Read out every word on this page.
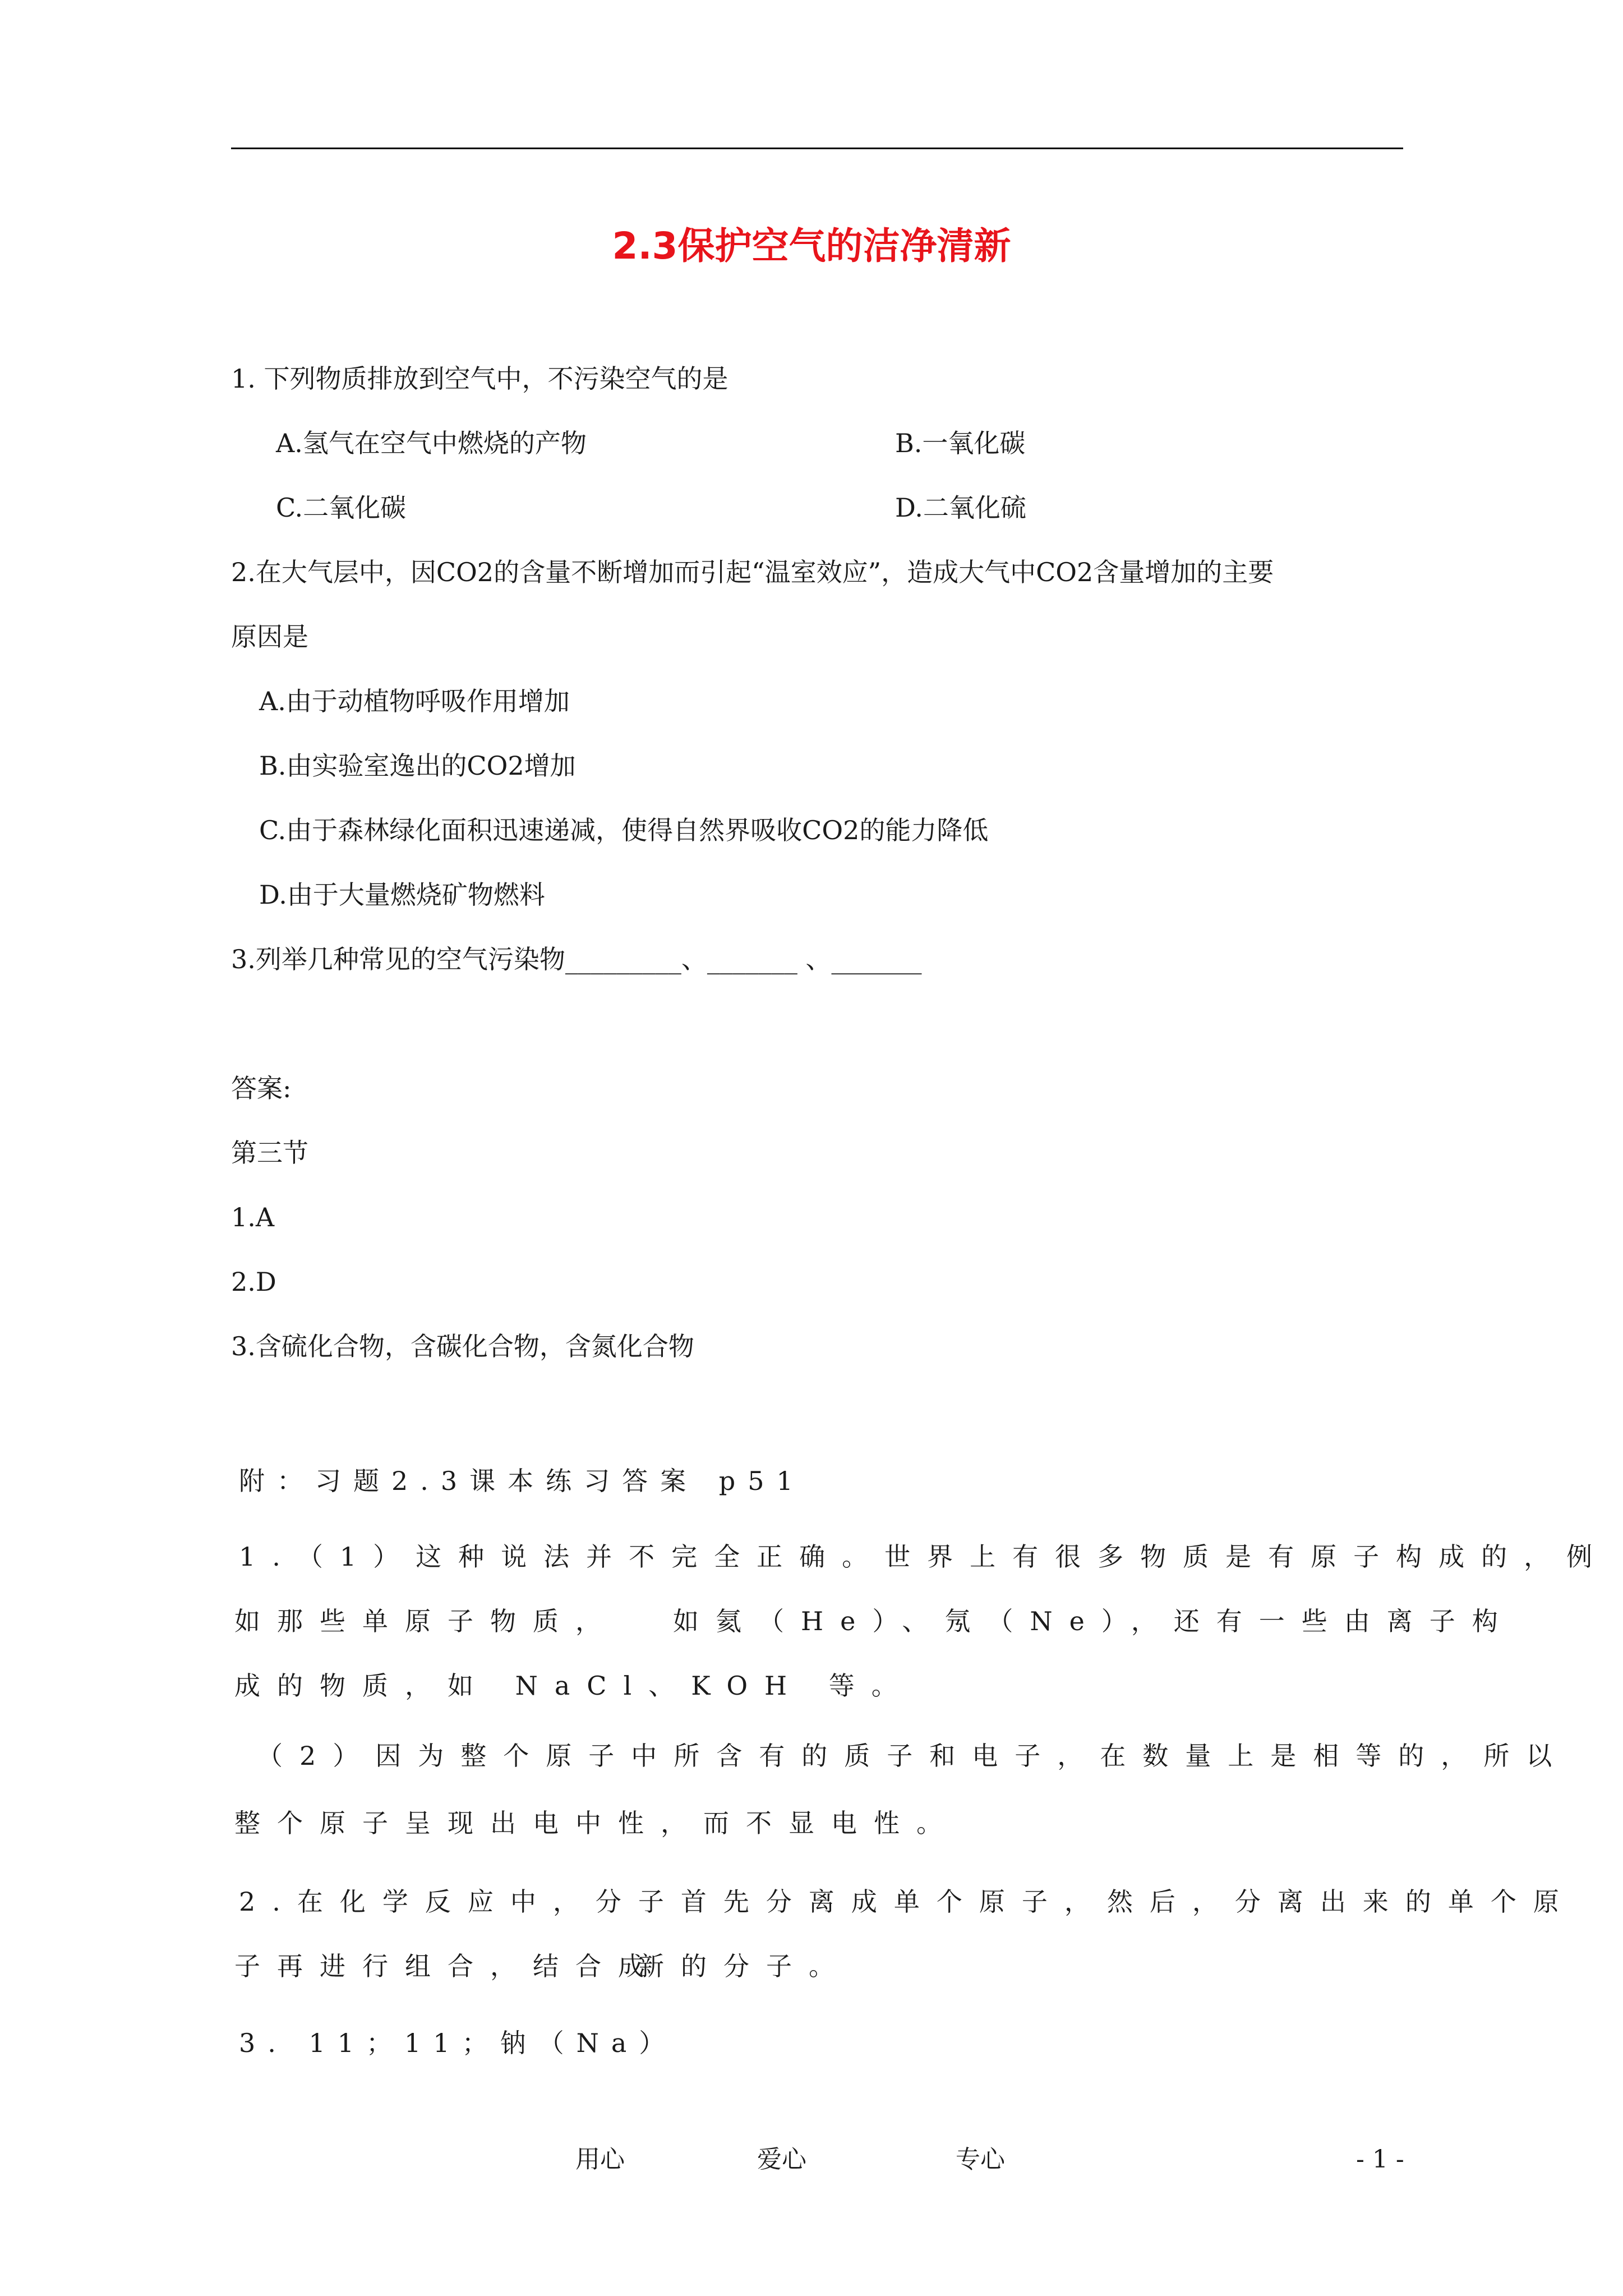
2.3保护空气的洁净清新
1. 下列物质排放到空气中，不污染空气的是
A.氢气在空气中燃烧的产物	B.一氧化碳
C.二氧化碳	D.二氧化硫
2.在大气层中，因CO2的含量不断增加而引起“温室效应”，造成大气中CO2含量增加的主要
原因是
A.由于动植物呼吸作用增加
B.由实验室逸出的CO2增加
C.由于森林绿化面积迅速递减，使得自然界吸收CO2的能力降低
D.由于大量燃烧矿物燃料
3.列举几种常见的空气污染物_________、_______ 、_______
答案:
第三节
1.A
2.D
3.含硫化合物，含碳化合物，含氮化合物
附：习题2.3课本练习答案 p51
1.（1）这种说法并不完全正确。世界上有很多物质是有原子构成的，例
如那些单原子物质， 如氦（He）、氖（Ne），还有一些由离子构
成的物质，如 NaCl、KOH 等。
（2）因为整个原子中所含有的质子和电子，在数量上是相等的，所以
整个原子呈现出电中性，而不显电性。
2.在化学反应中，分子首先分离成单个原子，然后，分离出来的单个原
子再进行组合，结合成
新的分子。
3. 11；11；钠（Na）
用心	爱心	专心	- 1 -
